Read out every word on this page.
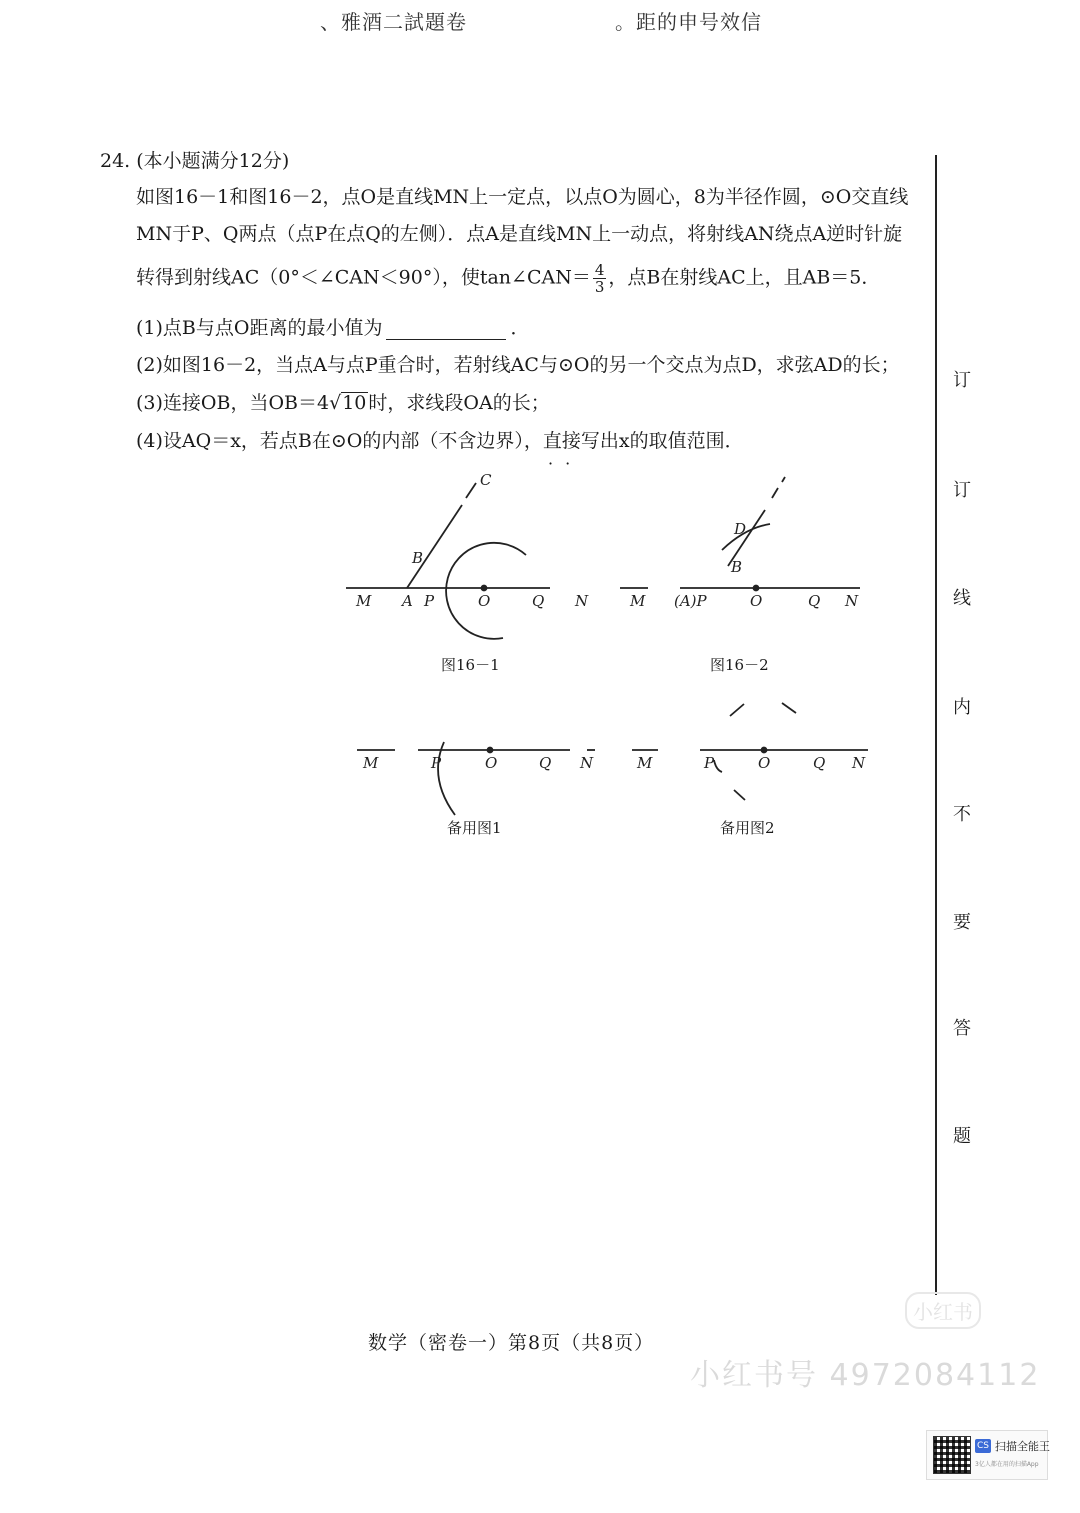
、雅酒二試題卷	。距的申号效信
24. (本小题满分12分)
如图16－1和图16－2，点O是直线MN上一定点，以点O为圆心，8为半径作圆，⊙O交直线
MN于P、Q两点（点P在点Q的左侧）．点A是直线MN上一动点，将射线AN绕点A逆时针旋
转得到射线AC（0°＜∠CAN＜90°），使tan∠CAN＝ $\frac{4}{3}$ ，点B在射线AC上，且AB＝5．
(1)点B与点O距离的最小值为	．
(2)如图16－2，当点A与点P重合时，若射线AC与⊙O的另一个交点为点D，求弦AD的长；
(3)连接OB，当OB＝4√10 时，求线段OA的长；
(4)设AQ＝x，若点B在⊙O的内部（不含边界），直接写出x的取值范围．
··
C
B
M A P	O	Q N
D
B
M (A)P	O	Q N
M	P	O	Q N	M	P	O	Q N
图16－1	图16－2
备用图1	备用图2
订
订
线
内
不
要
答
题
数学（密卷一）第8页（共8页）
小红书
小红书号 4972084112
CS 扫描全能王
3亿人都在用的扫描App
